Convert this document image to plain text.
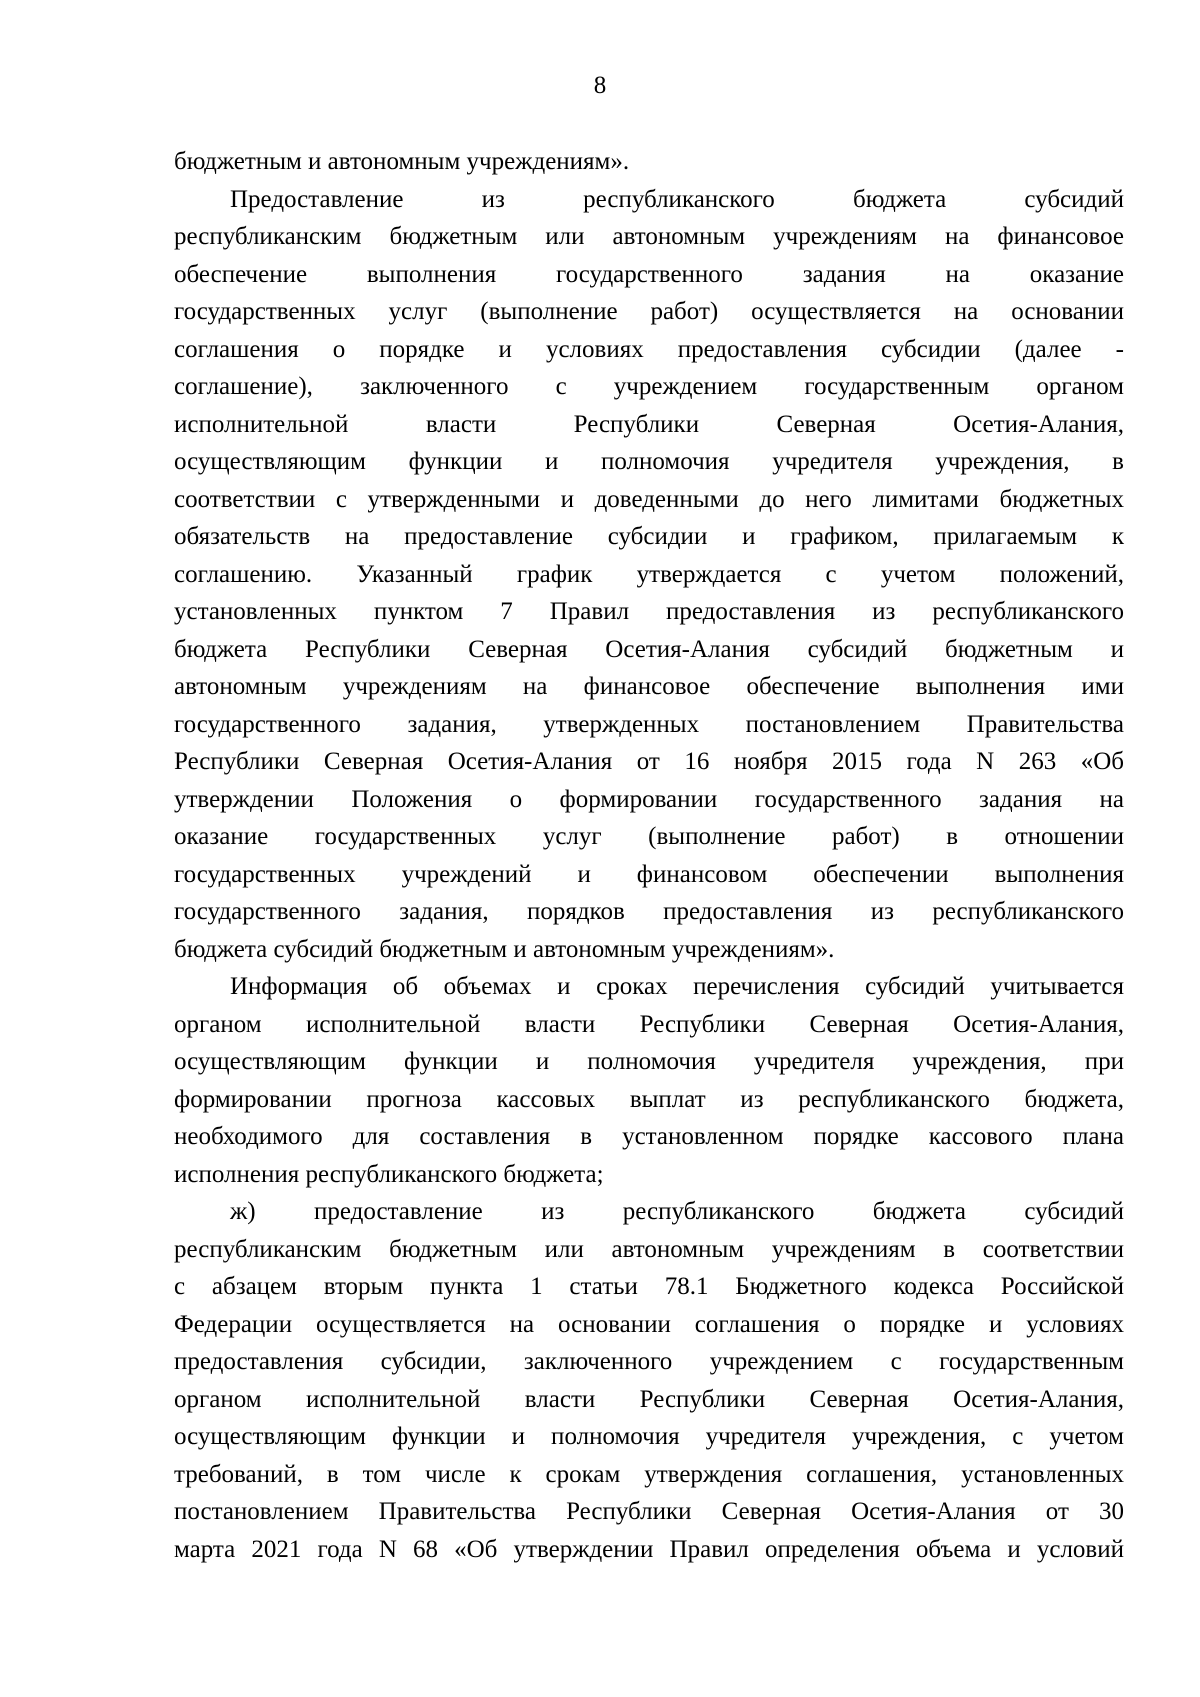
8
бюджетным и автономным учреждениям».
Предоставление из республиканского бюджета субсидий
республиканским бюджетным или автономным учреждениям на финансовое
обеспечение выполнения государственного задания на оказание
государственных услуг (выполнение работ) осуществляется на основании
соглашения о порядке и условиях предоставления субсидии (далее -
соглашение), заключенного с учреждением государственным органом
исполнительной власти Республики Северная Осетия-Алания,
осуществляющим функции и полномочия учредителя учреждения, в
соответствии с утвержденными и доведенными до него лимитами бюджетных
обязательств на предоставление субсидии и графиком, прилагаемым к
соглашению. Указанный график утверждается с учетом положений,
установленных пунктом 7 Правил предоставления из республиканского
бюджета Республики Северная Осетия-Алания субсидий бюджетным и
автономным учреждениям на финансовое обеспечение выполнения ими
государственного задания, утвержденных постановлением Правительства
Республики Северная Осетия-Алания от 16 ноября 2015 года N 263 «Об
утверждении Положения о формировании государственного задания на
оказание государственных услуг (выполнение работ) в отношении
государственных учреждений и финансовом обеспечении выполнения
государственного задания, порядков предоставления из республиканского
бюджета субсидий бюджетным и автономным учреждениям».
Информация об объемах и сроках перечисления субсидий учитывается
органом исполнительной власти Республики Северная Осетия-Алания,
осуществляющим функции и полномочия учредителя учреждения, при
формировании прогноза кассовых выплат из республиканского бюджета,
необходимого для составления в установленном порядке кассового плана
исполнения республиканского бюджета;
ж) предоставление из республиканского бюджета субсидий
республиканским бюджетным или автономным учреждениям в соответствии
с абзацем вторым пункта 1 статьи 78.1 Бюджетного кодекса Российской
Федерации осуществляется на основании соглашения о порядке и условиях
предоставления субсидии, заключенного учреждением с государственным
органом исполнительной власти Республики Северная Осетия-Алания,
осуществляющим функции и полномочия учредителя учреждения, с учетом
требований, в том числе к срокам утверждения соглашения, установленных
постановлением Правительства Республики Северная Осетия-Алания от 30
марта 2021 года N 68 «Об утверждении Правил определения объема и условий
